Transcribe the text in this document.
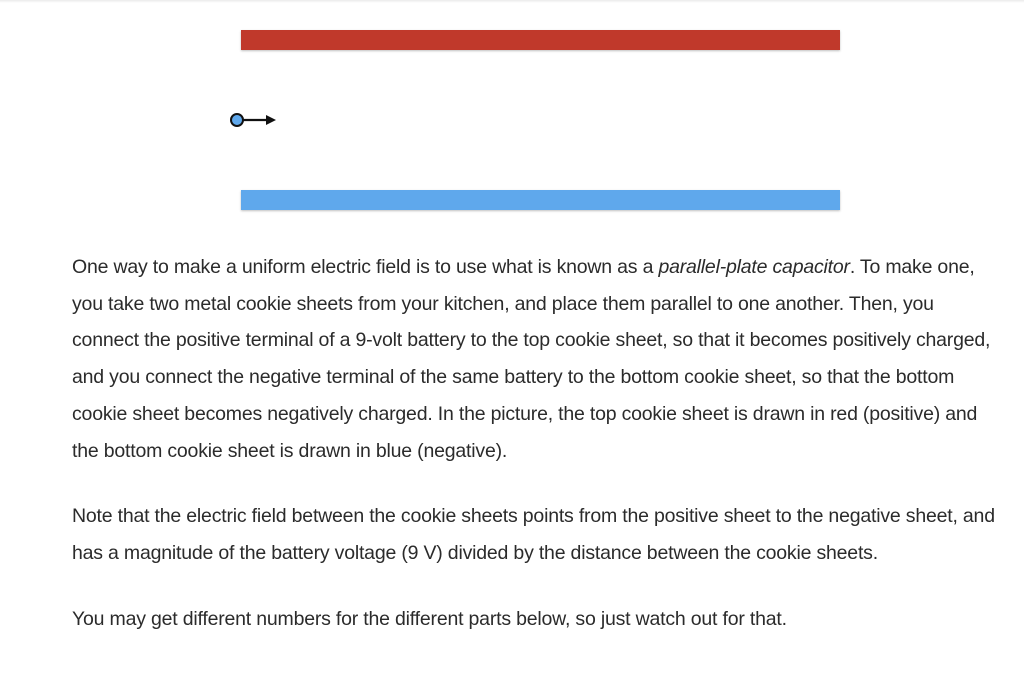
One way to make a uniform electric field is to use what is known as a parallel-plate capacitor. To make one, you take two metal cookie sheets from your kitchen, and place them parallel to one another. Then, you connect the positive terminal of a 9-volt battery to the top cookie sheet, so that it becomes positively charged, and you connect the negative terminal of the same battery to the bottom cookie sheet, so that the bottom cookie sheet becomes negatively charged. In the picture, the top cookie sheet is drawn in red (positive) and the bottom cookie sheet is drawn in blue (negative).

Note that the electric field between the cookie sheets points from the positive sheet to the negative sheet, and has a magnitude of the battery voltage (9 V) divided by the distance between the cookie sheets.

You may get different numbers for the different parts below, so just watch out for that.
